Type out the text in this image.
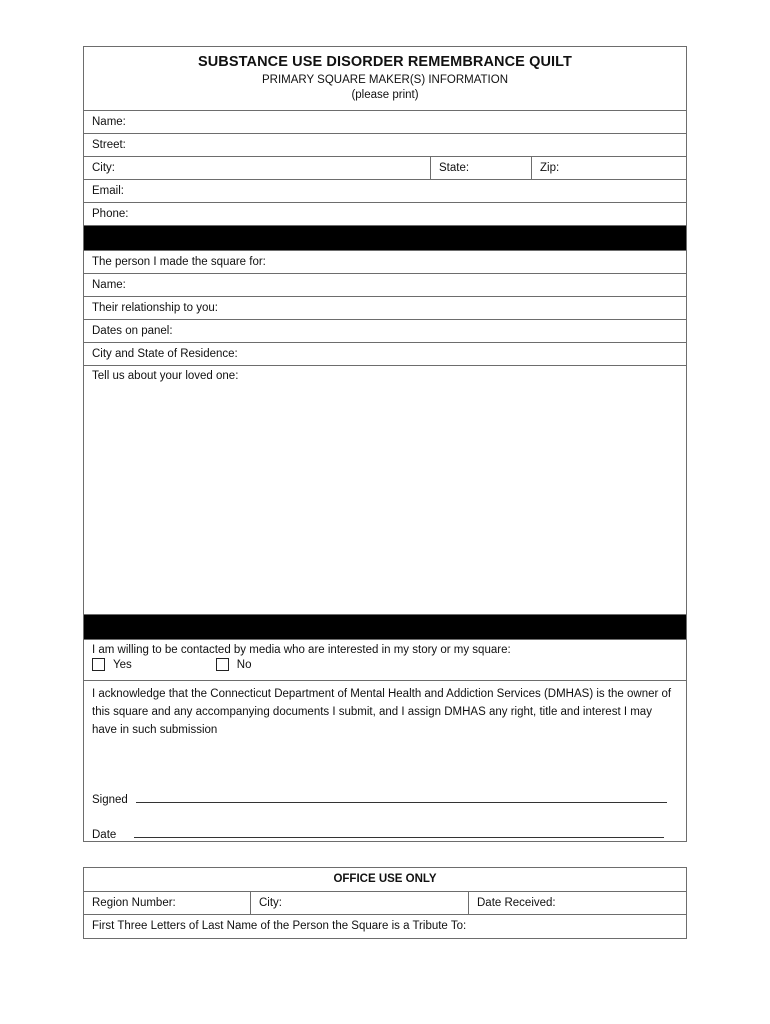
SUBSTANCE USE DISORDER REMEMBRANCE QUILT
PRIMARY SQUARE MAKER(S) INFORMATION
(please print)
Name:
Street:
City:	State:	Zip:
Email:
Phone:
The person I made the square for:
Name:
Their relationship to you:
Dates on panel:
City and State of Residence:
Tell us about your loved one:
I am willing to be contacted by media who are interested in my story or my square:
Yes	No
I acknowledge that the Connecticut Department of Mental Health and Addiction Services (DMHAS) is the owner of this square and any accompanying documents I submit, and I assign DMHAS any right, title and interest I may have in such submission
Signed
Date
OFFICE USE ONLY
Region Number:	City:	Date Received:
First Three Letters of Last Name of the Person the Square is a Tribute To:
